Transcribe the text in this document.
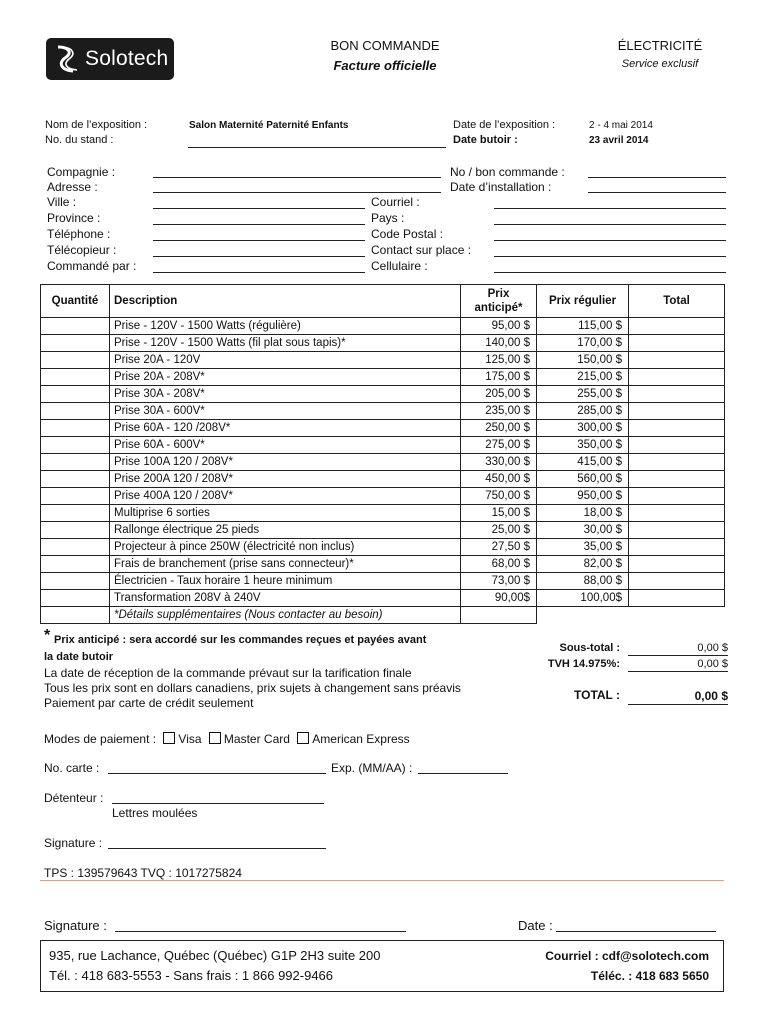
Solotech
BON COMMANDE
Facture officielle
ÉLECTRICITÉ
Service exclusif
Nom de l’exposition :	Salon Maternité Paternité Enfants
No. du stand :
Date de l’exposition :	2 - 4 mai 2014
Date butoir :	23 avril 2014
Compagnie :
Adresse :
Ville :
Province :
Téléphone :
Télécopieur :
Commandé par :
No / bon commande :
Date d’installation :
Courriel :
Pays :
Code Postal :
Contact sur place :
Cellulaire :
Quantité	Description	Prix anticipé*	Prix régulier	Total
	Prise - 120V - 1500 Watts (régulière)	95,00 $	115,00 $	
	Prise - 120V - 1500 Watts (fil plat sous tapis)*	140,00 $	170,00 $	
	Prise 20A - 120V	125,00 $	150,00 $	
	Prise 20A - 208V*	175,00 $	215,00 $	
	Prise 30A - 208V*	205,00 $	255,00 $	
	Prise 30A - 600V*	235,00 $	285,00 $	
	Prise 60A - 120 /208V*	250,00 $	300,00 $	
	Prise 60A - 600V*	275,00 $	350,00 $	
	Prise 100A 120 / 208V*	330,00 $	415,00 $	
	Prise 200A 120 / 208V*	450,00 $	560,00 $	
	Prise 400A 120 / 208V*	750,00 $	950,00 $	
	Multiprise 6 sorties	15,00 $	18,00 $	
	Rallonge électrique 25 pieds	25,00 $	30,00 $	
	Projecteur à pince 250W (électricité non inclus)	27,50 $	35,00 $	
	Frais de branchement (prise sans connecteur)*	68,00 $	82,00 $	
	Électricien - Taux horaire 1 heure minimum	73,00 $	88,00 $	
	Transformation 208V à 240V	90,00$	100,00$	
	*Détails supplémentaires (Nous contacter au besoin)			
* Prix anticipé : sera accordé sur les commandes reçues et payées avant
la date butoir
La date de réception de la commande prévaut sur la tarification finale
Tous les prix sont en dollars canadiens, prix sujets à changement sans préavis
Paiement par carte de crédit seulement
Sous-total :	0,00 $
TVH 14.975%:	0,00 $
TOTAL :	0,00 $
Modes de paiement : Visa Master Card American Express
No. carte :	Exp. (MM/AA) :
Détenteur :
Lettres moulées
Signature :
TPS : 139579643 TVQ : 1017275824
Signature :	Date :
935, rue Lachance, Québec (Québec) G1P 2H3 suite 200
Tél. : 418 683-5553 - Sans frais : 1 866 992-9466
Courriel : cdf@solotech.com
Téléc. : 418 683 5650
